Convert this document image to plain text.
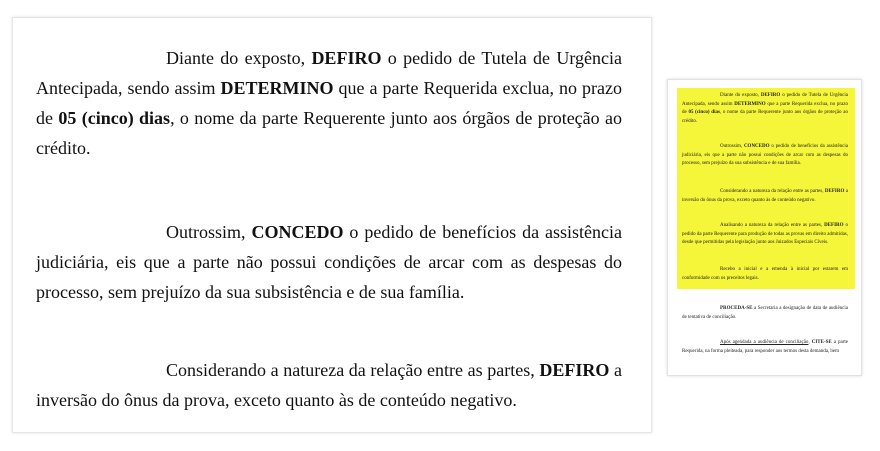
Diante do exposto, DEFIRO o pedido de Tutela de Urgência Antecipada, sendo assim DETERMINO que a parte Requerida exclua, no prazo de 05 (cinco) dias, o nome da parte Requerente junto aos órgãos de proteção ao crédito.

Outrossim, CONCEDO o pedido de benefícios da assistência judiciária, eis que a parte não possui condições de arcar com as despesas do processo, sem prejuízo da sua subsistência e de sua família.

Considerando a natureza da relação entre as partes, DEFIRO a inversão do ônus da prova, exceto quanto às de conteúdo negativo.

Diante do exposto, DEFIRO o pedido de Tutela de Urgência Antecipada, sendo assim DETERMINO que a parte Requerida exclua, no prazo de 05 (cinco) dias, o nome da parte Requerente junto aos órgãos de proteção ao crédito.

Outrossim, CONCEDO o pedido de benefícios da assistência judiciária, eis que a parte não possui condições de arcar com as despesas do processo, sem prejuízo da sua subsistência e de sua família.

Considerando a natureza da relação entre as partes, DEFIRO a inversão do ônus da prova, exceto quanto às de conteúdo negativo.

Analisando a natureza da relação entre as partes, DEFIRO o pedido da parte Requerente para produção de todas as provas em direito admitidas, desde que permitidas pela legislação junto aos Juizados Especiais Cíveis.

Recebo a inicial e a emenda à inicial por estarem em conformidade com os preceitos legais.

PROCEDA-SE a Secretaria a designação de data de audiência de tentativa de conciliação.

Após agendada a audiência de conciliação, CITE-SE a parte Requerida, na forma pleiteada, para responder aos termos desta demanda, bem
